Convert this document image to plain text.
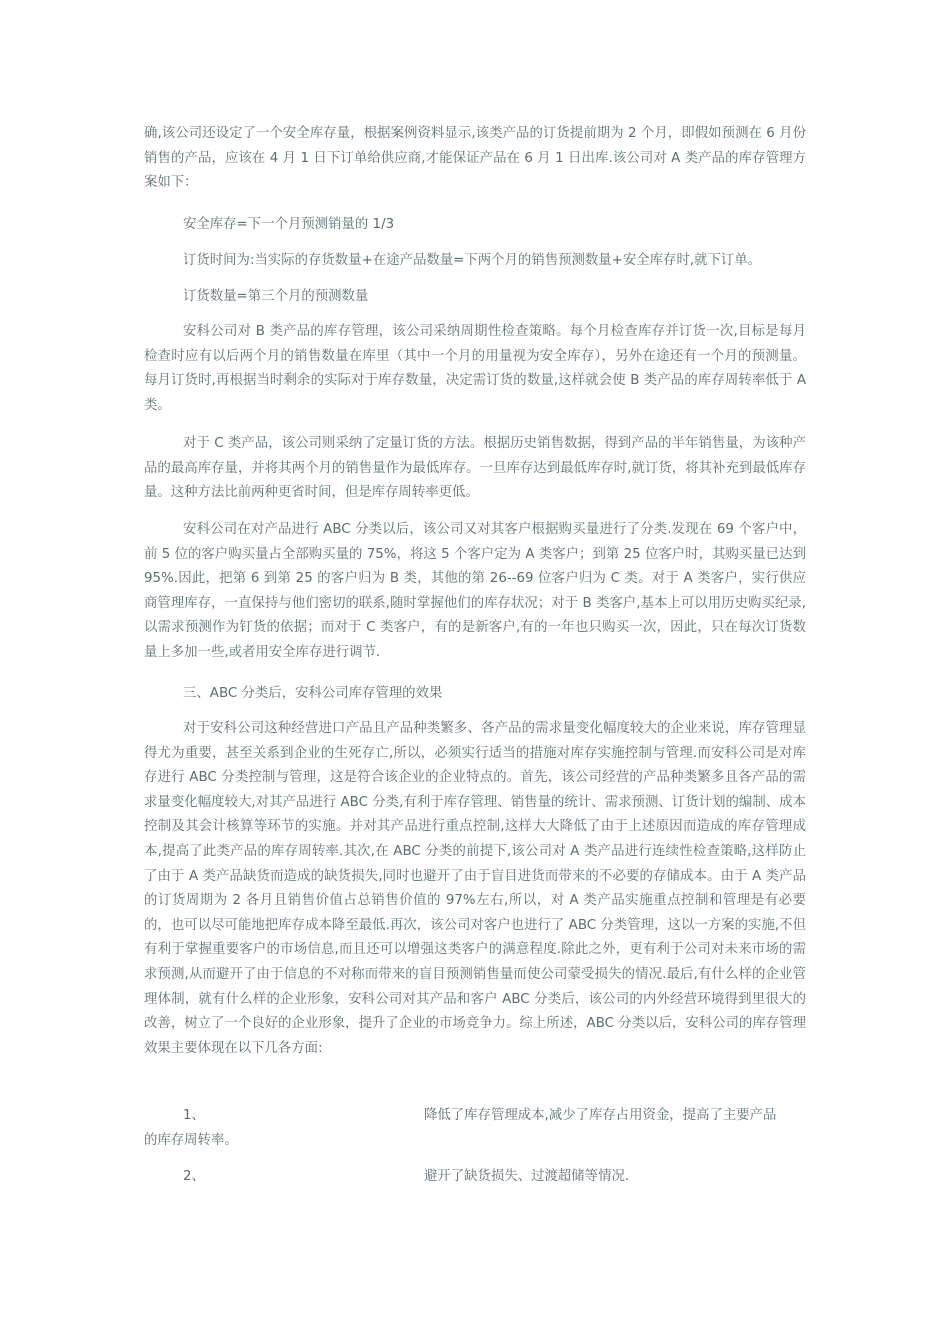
确,该公司还设定了一个安全库存量，根据案例资料显示,该类产品的订货提前期为 2 个月，即假如预测在 6 月份销售的产品，应该在 4 月 1 日下订单给供应商,才能保证产品在 6 月 1 日出库.该公司对 A 类产品的库存管理方案如下：

安全库存=下一个月预测销量的 1/3

订货时间为:当实际的存货数量+在途产品数量=下两个月的销售预测数量+安全库存时,就下订单。

订货数量=第三个月的预测数量

安科公司对 B 类产品的库存管理，该公司采纳周期性检查策略。每个月检查库存并订货一次,目标是每月检查时应有以后两个月的销售数量在库里（其中一个月的用量视为安全库存），另外在途还有一个月的预测量。每月订货时,再根据当时剩余的实际对于库存数量，决定需订货的数量,这样就会使 B 类产品的库存周转率低于 A 类。

对于 C 类产品，该公司则采纳了定量订货的方法。根据历史销售数据，得到产品的半年销售量，为该种产品的最高库存量，并将其两个月的销售量作为最低库存。一旦库存达到最低库存时,就订货，将其补充到最低库存量。这种方法比前两种更省时间，但是库存周转率更低。

安科公司在对产品进行 ABC 分类以后，该公司又对其客户根据购买量进行了分类.发现在 69 个客户中，前 5 位的客户购买量占全部购买量的 75%，将这 5 个客户定为 A 类客户；到第 25 位客户时，其购买量已达到 95%.因此，把第 6 到第 25 的客户归为 B 类，其他的第 26--69 位客户归为 C 类。对于 A 类客户，实行供应商管理库存，一直保持与他们密切的联系,随时掌握他们的库存状况；对于 B 类客户,基本上可以用历史购买纪录,以需求预测作为钉货的依据；而对于 C 类客户，有的是新客户,有的一年也只购买一次，因此，只在每次订货数量上多加一些,或者用安全库存进行调节.

三、ABC 分类后，安科公司库存管理的效果

对于安科公司这种经营进口产品且产品种类繁多、各产品的需求量变化幅度较大的企业来说，库存管理显得尤为重要，甚至关系到企业的生死存亡,所以，必须实行适当的措施对库存实施控制与管理.而安科公司是对库存进行 ABC 分类控制与管理，这是符合该企业的企业特点的。首先，该公司经营的产品种类繁多且各产品的需求量变化幅度较大,对其产品进行 ABC 分类,有利于库存管理、销售量的统计、需求预测、订货计划的编制、成本控制及其会计核算等环节的实施。并对其产品进行重点控制,这样大大降低了由于上述原因而造成的库存管理成本,提高了此类产品的库存周转率.其次,在 ABC 分类的前提下,该公司对 A 类产品进行连续性检查策略,这样防止了由于 A 类产品缺货而造成的缺货损失,同时也避开了由于盲目进货而带来的不必要的存储成本。由于 A 类产品的订货周期为 2 各月且销售价值占总销售价值的 97%左右,所以，对 A 类产品实施重点控制和管理是有必要的，也可以尽可能地把库存成本降至最低.再次，该公司对客户也进行了 ABC 分类管理，这以一方案的实施,不但有利于掌握重要客户的市场信息,而且还可以增强这类客户的满意程度.除此之外，更有利于公司对未来市场的需求预测,从而避开了由于信息的不对称而带来的盲目预测销售量而使公司蒙受损失的情况.最后,有什么样的企业管理体制，就有什么样的企业形象，安科公司对其产品和客户 ABC 分类后，该公司的内外经营环境得到里很大的改善，树立了一个良好的企业形象，提升了企业的市场竞争力。综上所述，ABC 分类以后，安科公司的库存管理效果主要体现在以下几各方面:

1、	降低了库存管理成本,减少了库存占用资金，提高了主要产品

的库存周转率。

2、	避开了缺货损失、过渡超储等情况.
